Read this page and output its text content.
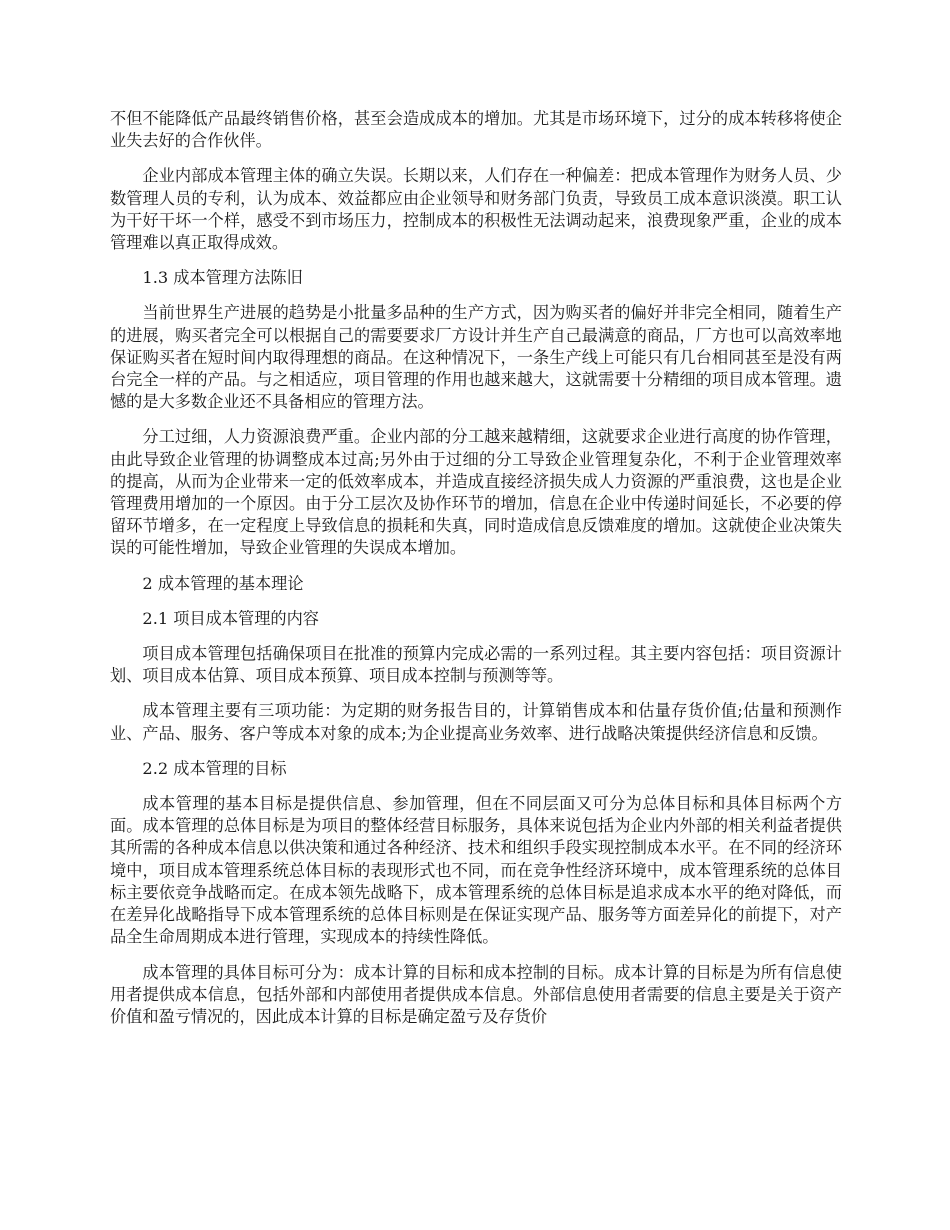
不但不能降低产品最终销售价格，甚至会造成成本的增加。尤其是市场环境下，过分的成本转移将使企业失去好的合作伙伴。

企业内部成本管理主体的确立失误。长期以来，人们存在一种偏差：把成本管理作为财务人员、少数管理人员的专利，认为成本、效益都应由企业领导和财务部门负责，导致员工成本意识淡漠。职工认为干好干坏一个样，感受不到市场压力，控制成本的积极性无法调动起来，浪费现象严重，企业的成本管理难以真正取得成效。

1.3 成本管理方法陈旧

当前世界生产进展的趋势是小批量多品种的生产方式，因为购买者的偏好并非完全相同，随着生产的进展，购买者完全可以根据自己的需要要求厂方设计并生产自己最满意的商品，厂方也可以高效率地保证购买者在短时间内取得理想的商品。在这种情况下，一条生产线上可能只有几台相同甚至是没有两台完全一样的产品。与之相适应，项目管理的作用也越来越大，这就需要十分精细的项目成本管理。遗憾的是大多数企业还不具备相应的管理方法。

分工过细，人力资源浪费严重。企业内部的分工越来越精细，这就要求企业进行高度的协作管理，由此导致企业管理的协调整成本过高;另外由于过细的分工导致企业管理复杂化，不利于企业管理效率的提高，从而为企业带来一定的低效率成本，并造成直接经济损失成人力资源的严重浪费，这也是企业管理费用增加的一个原因。由于分工层次及协作环节的增加，信息在企业中传递时间延长，不必要的停留环节增多，在一定程度上导致信息的损耗和失真，同时造成信息反馈难度的增加。这就使企业决策失误的可能性增加，导致企业管理的失误成本增加。

2 成本管理的基本理论

2.1 项目成本管理的内容

项目成本管理包括确保项目在批准的预算内完成必需的一系列过程。其主要内容包括：项目资源计划、项目成本估算、项目成本预算、项目成本控制与预测等等。

成本管理主要有三项功能：为定期的财务报告目的，计算销售成本和估量存货价值;估量和预测作业、产品、服务、客户等成本对象的成本;为企业提高业务效率、进行战略决策提供经济信息和反馈。

2.2 成本管理的目标

成本管理的基本目标是提供信息、参加管理，但在不同层面又可分为总体目标和具体目标两个方面。成本管理的总体目标是为项目的整体经营目标服务，具体来说包括为企业内外部的相关利益者提供其所需的各种成本信息以供决策和通过各种经济、技术和组织手段实现控制成本水平。在不同的经济环境中，项目成本管理系统总体目标的表现形式也不同，而在竞争性经济环境中，成本管理系统的总体目标主要依竞争战略而定。在成本领先战略下，成本管理系统的总体目标是追求成本水平的绝对降低，而在差异化战略指导下成本管理系统的总体目标则是在保证实现产品、服务等方面差异化的前提下，对产品全生命周期成本进行管理，实现成本的持续性降低。

成本管理的具体目标可分为：成本计算的目标和成本控制的目标。成本计算的目标是为所有信息使用者提供成本信息，包括外部和内部使用者提供成本信息。外部信息使用者需要的信息主要是关于资产价值和盈亏情况的，因此成本计算的目标是确定盈亏及存货价
